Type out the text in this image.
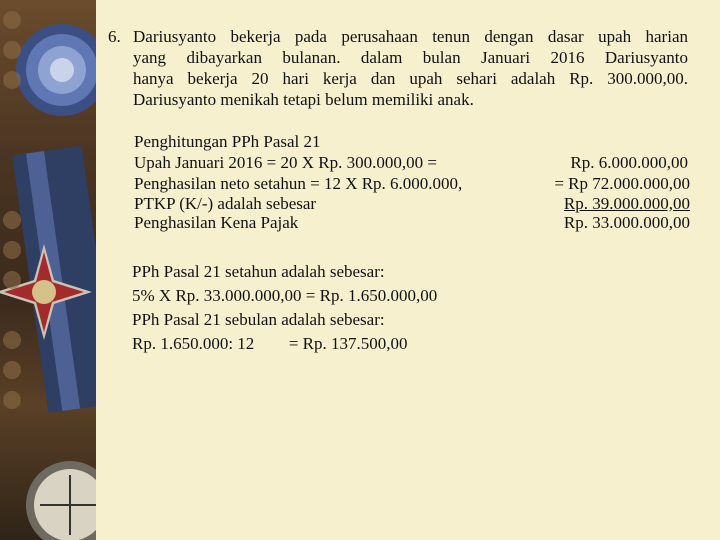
6. Dariusyanto bekerja pada perusahaan tenun dengan dasar upah harian
yang dibayarkan bulanan. dalam bulan Januari 2016 Dariusyanto
hanya bekerja 20 hari kerja dan upah sehari adalah Rp. 300.000,00.
Dariusyanto menikah tetapi belum memiliki anak.
Penghitungan PPh Pasal 21
Upah Januari 2016 = 20 X Rp. 300.000,00 =	Rp. 6.000.000,00
Penghasilan neto setahun = 12 X Rp. 6.000.000,	= Rp 72.000.000,00
PTKP (K/-) adalah sebesar	Rp. 39.000.000,00
Penghasilan Kena Pajak	Rp. 33.000.000,00
PPh Pasal 21 setahun adalah sebesar:
5% X Rp. 33.000.000,00 = Rp. 1.650.000,00
PPh Pasal 21 sebulan adalah sebesar:
Rp. 1.650.000: 12 = Rp. 137.500,00
